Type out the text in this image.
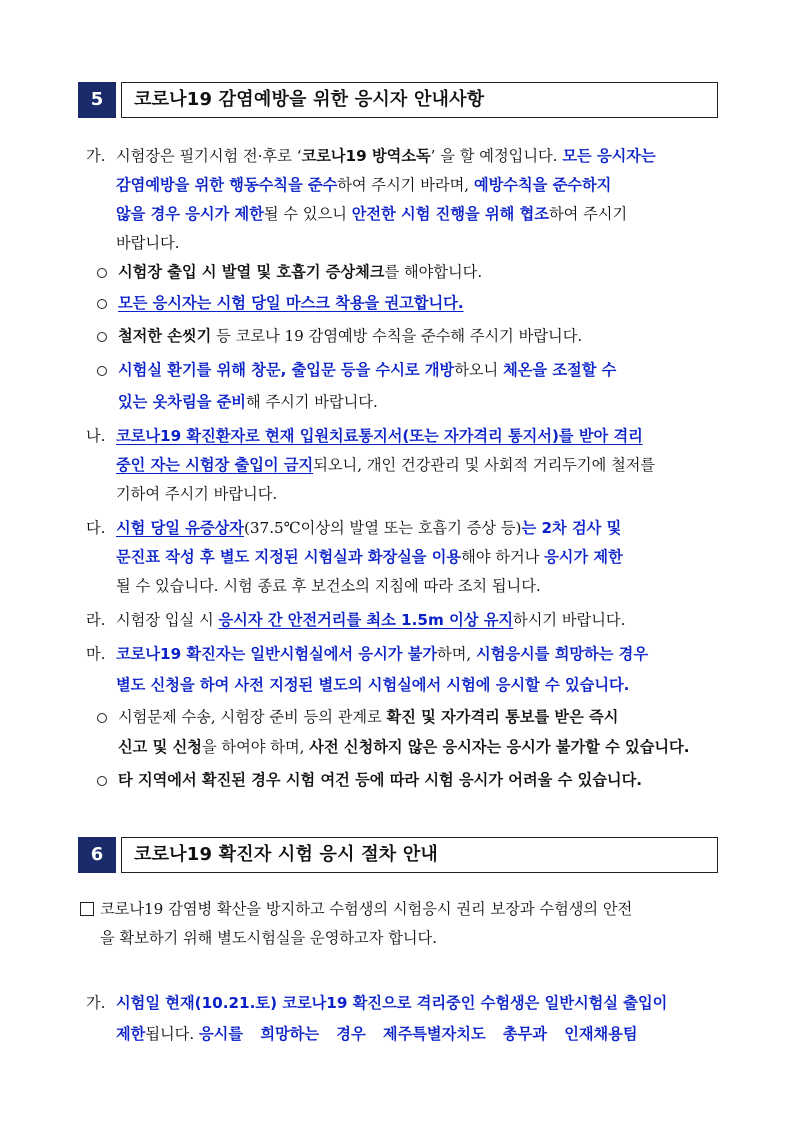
5	코로나19 감염예방을 위한 응시자 안내사항
가. 시험장은 필기시험 전·후로 ‘코로나19 방역소독’ 을 할 예정입니다. 모든 응시자는
감염예방을 위한 행동수칙을 준수하여 주시기 바라며, 예방수칙을 준수하지
않을 경우 응시가 제한될 수 있으니 안전한 시험 진행을 위해 협조하여 주시기
바랍니다.
시험장 출입 시 발열 및 호흡기 증상체크를 해야합니다.
모든 응시자는 시험 당일 마스크 착용을 권고합니다.
철저한 손씻기 등 코로나 19 감염예방 수칙을 준수해 주시기 바랍니다.
시험실 환기를 위해 창문, 출입문 등을 수시로 개방하오니 체온을 조절할 수
있는 옷차림을 준비해 주시기 바랍니다.
나. 코로나19 확진환자로 현재 입원치료통지서(또는 자가격리 통지서)를 받아 격리
중인 자는 시험장 출입이 금지되오니, 개인 건강관리 및 사회적 거리두기에 철저를
기하여 주시기 바랍니다.
다. 시험 당일 유증상자(37.5℃이상의 발열 또는 호흡기 증상 등)는 2차 검사 및
문진표 작성 후 별도 지정된 시험실과 화장실을 이용해야 하거나 응시가 제한
될 수 있습니다. 시험 종료 후 보건소의 지침에 따라 조치 됩니다.
라. 시험장 입실 시 응시자 간 안전거리를 최소 1.5m 이상 유지하시기 바랍니다.
마. 코로나19 확진자는 일반시험실에서 응시가 불가하며, 시험응시를 희망하는 경우
별도 신청을 하여 사전 지정된 별도의 시험실에서 시험에 응시할 수 있습니다.
시험문제 수송, 시험장 준비 등의 관계로 확진 및 자가격리 통보를 받은 즉시
신고 및 신청을 하여야 하며, 사전 신청하지 않은 응시자는 응시가 불가할 수 있습니다.
타 지역에서 확진된 경우 시험 여건 등에 따라 시험 응시가 어려울 수 있습니다.
6	코로나19 확진자 시험 응시 절차 안내
코로나19 감염병 확산을 방지하고 수험생의 시험응시 권리 보장과 수험생의 안전
을 확보하기 위해 별도시험실을 운영하고자 합니다.
가. 시험일 현재(10.21.토) 코로나19 확진으로 격리중인 수험생은 일반시험실 출입이
제한됩니다. 응시를 희망하는 경우 제주특별자치도 총무과 인재채용팀
